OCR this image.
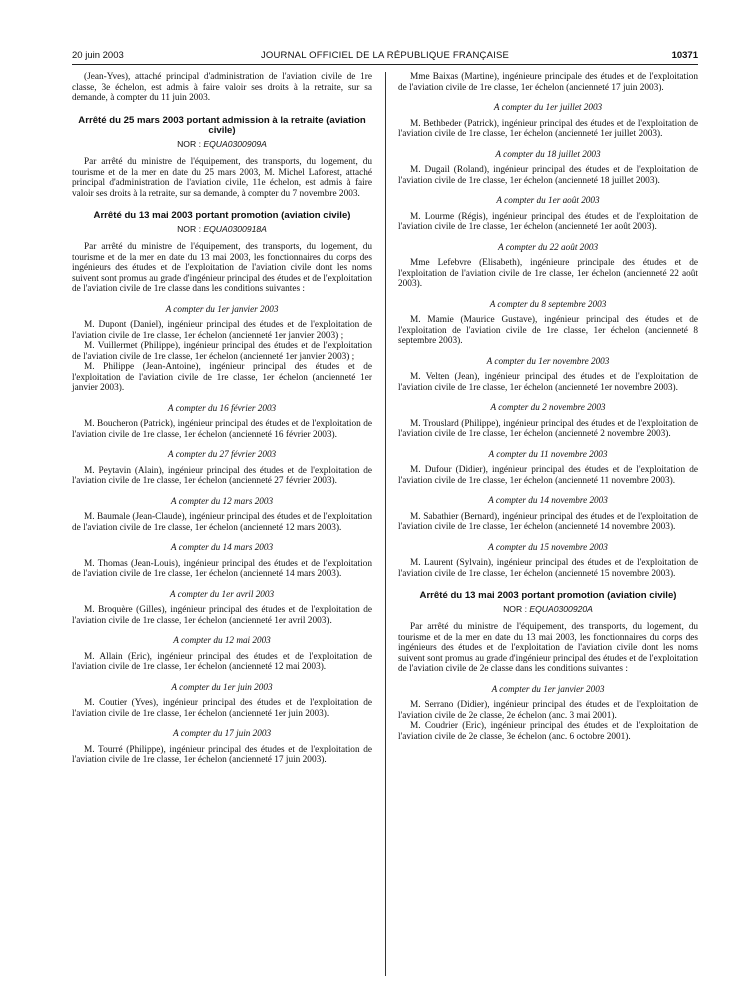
20 juin 2003	JOURNAL OFFICIEL DE LA RÉPUBLIQUE FRANÇAISE	10371

(Jean-Yves), attaché principal d'administration de l'aviation civile de 1re classe, 3e échelon, est admis à faire valoir ses droits à la retraite, sur sa demande, à compter du 11 juin 2003.

Arrêté du 25 mars 2003 portant admission à la retraite (aviation civile)
NOR : EQUA0300909A

Par arrêté du ministre de l'équipement, des transports, du logement, du tourisme et de la mer en date du 25 mars 2003, M. Michel Laforest, attaché principal d'administration de l'aviation civile, 11e échelon, est admis à faire valoir ses droits à la retraite, sur sa demande, à compter du 7 novembre 2003.

Arrêté du 13 mai 2003 portant promotion (aviation civile)
NOR : EQUA0300918A

Par arrêté du ministre de l'équipement, des transports, du logement, du tourisme et de la mer en date du 13 mai 2003, les fonctionnaires du corps des ingénieurs des études et de l'exploitation de l'aviation civile dont les noms suivent sont promus au grade d'ingénieur principal des études et de l'exploitation de l'aviation civile de 1re classe dans les conditions suivantes :

A compter du 1er janvier 2003

M. Dupont (Daniel), ingénieur principal des études et de l'exploitation de l'aviation civile de 1re classe, 1er échelon (ancienneté 1er janvier 2003) ;

M. Vuillermet (Philippe), ingénieur principal des études et de l'exploitation de l'aviation civile de 1re classe, 1er échelon (ancienneté 1er janvier 2003) ;

M. Philippe (Jean-Antoine), ingénieur principal des études et de l'exploitation de l'aviation civile de 1re classe, 1er échelon (ancienneté 1er janvier 2003).

A compter du 16 février 2003

M. Boucheron (Patrick), ingénieur principal des études et de l'exploitation de l'aviation civile de 1re classe, 1er échelon (ancienneté 16 février 2003).

A compter du 27 février 2003

M. Peytavin (Alain), ingénieur principal des études et de l'exploitation de l'aviation civile de 1re classe, 1er échelon (ancienneté 27 février 2003).

A compter du 12 mars 2003

M. Baumale (Jean-Claude), ingénieur principal des études et de l'exploitation de l'aviation civile de 1re classe, 1er échelon (ancienneté 12 mars 2003).

A compter du 14 mars 2003

M. Thomas (Jean-Louis), ingénieur principal des études et de l'exploitation de l'aviation civile de 1re classe, 1er échelon (ancienneté 14 mars 2003).

A compter du 1er avril 2003

M. Broquère (Gilles), ingénieur principal des études et de l'exploitation de l'aviation civile de 1re classe, 1er échelon (ancienneté 1er avril 2003).

A compter du 12 mai 2003

M. Allain (Eric), ingénieur principal des études et de l'exploitation de l'aviation civile de 1re classe, 1er échelon (ancienneté 12 mai 2003).

A compter du 1er juin 2003

M. Coutier (Yves), ingénieur principal des études et de l'exploitation de l'aviation civile de 1re classe, 1er échelon (ancienneté 1er juin 2003).

A compter du 17 juin 2003

M. Tourré (Philippe), ingénieur principal des études et de l'exploitation de l'aviation civile de 1re classe, 1er échelon (ancienneté 17 juin 2003).

Mme Baixas (Martine), ingénieure principale des études et de l'exploitation de l'aviation civile de 1re classe, 1er échelon (ancienneté 17 juin 2003).

A compter du 1er juillet 2003

M. Bethbeder (Patrick), ingénieur principal des études et de l'exploitation de l'aviation civile de 1re classe, 1er échelon (ancienneté 1er juillet 2003).

A compter du 18 juillet 2003

M. Dugail (Roland), ingénieur principal des études et de l'exploitation de l'aviation civile de 1re classe, 1er échelon (ancienneté 18 juillet 2003).

A compter du 1er août 2003

M. Lourme (Régis), ingénieur principal des études et de l'exploitation de l'aviation civile de 1re classe, 1er échelon (ancienneté 1er août 2003).

A compter du 22 août 2003

Mme Lefebvre (Elisabeth), ingénieure principale des études et de l'exploitation de l'aviation civile de 1re classe, 1er échelon (ancienneté 22 août 2003).

A compter du 8 septembre 2003

M. Mamie (Maurice Gustave), ingénieur principal des études et de l'exploitation de l'aviation civile de 1re classe, 1er échelon (ancienneté 8 septembre 2003).

A compter du 1er novembre 2003

M. Velten (Jean), ingénieur principal des études et de l'exploitation de l'aviation civile de 1re classe, 1er échelon (ancienneté 1er novembre 2003).

A compter du 2 novembre 2003

M. Trouslard (Philippe), ingénieur principal des études et de l'exploitation de l'aviation civile de 1re classe, 1er échelon (ancienneté 2 novembre 2003).

A compter du 11 novembre 2003

M. Dufour (Didier), ingénieur principal des études et de l'exploitation de l'aviation civile de 1re classe, 1er échelon (ancienneté 11 novembre 2003).

A compter du 14 novembre 2003

M. Sabathier (Bernard), ingénieur principal des études et de l'exploitation de l'aviation civile de 1re classe, 1er échelon (ancienneté 14 novembre 2003).

A compter du 15 novembre 2003

M. Laurent (Sylvain), ingénieur principal des études et de l'exploitation de l'aviation civile de 1re classe, 1er échelon (ancienneté 15 novembre 2003).

Arrêté du 13 mai 2003 portant promotion (aviation civile)
NOR : EQUA0300920A

Par arrêté du ministre de l'équipement, des transports, du logement, du tourisme et de la mer en date du 13 mai 2003, les fonctionnaires du corps des ingénieurs des études et de l'exploitation de l'aviation civile dont les noms suivent sont promus au grade d'ingénieur principal des études et de l'exploitation de l'aviation civile de 2e classe dans les conditions suivantes :

A compter du 1er janvier 2003

M. Serrano (Didier), ingénieur principal des études et de l'exploitation de l'aviation civile de 2e classe, 2e échelon (anc. 3 mai 2001).

M. Coudrier (Eric), ingénieur principal des études et de l'exploitation de l'aviation civile de 2e classe, 3e échelon (anc. 6 octobre 2001).
